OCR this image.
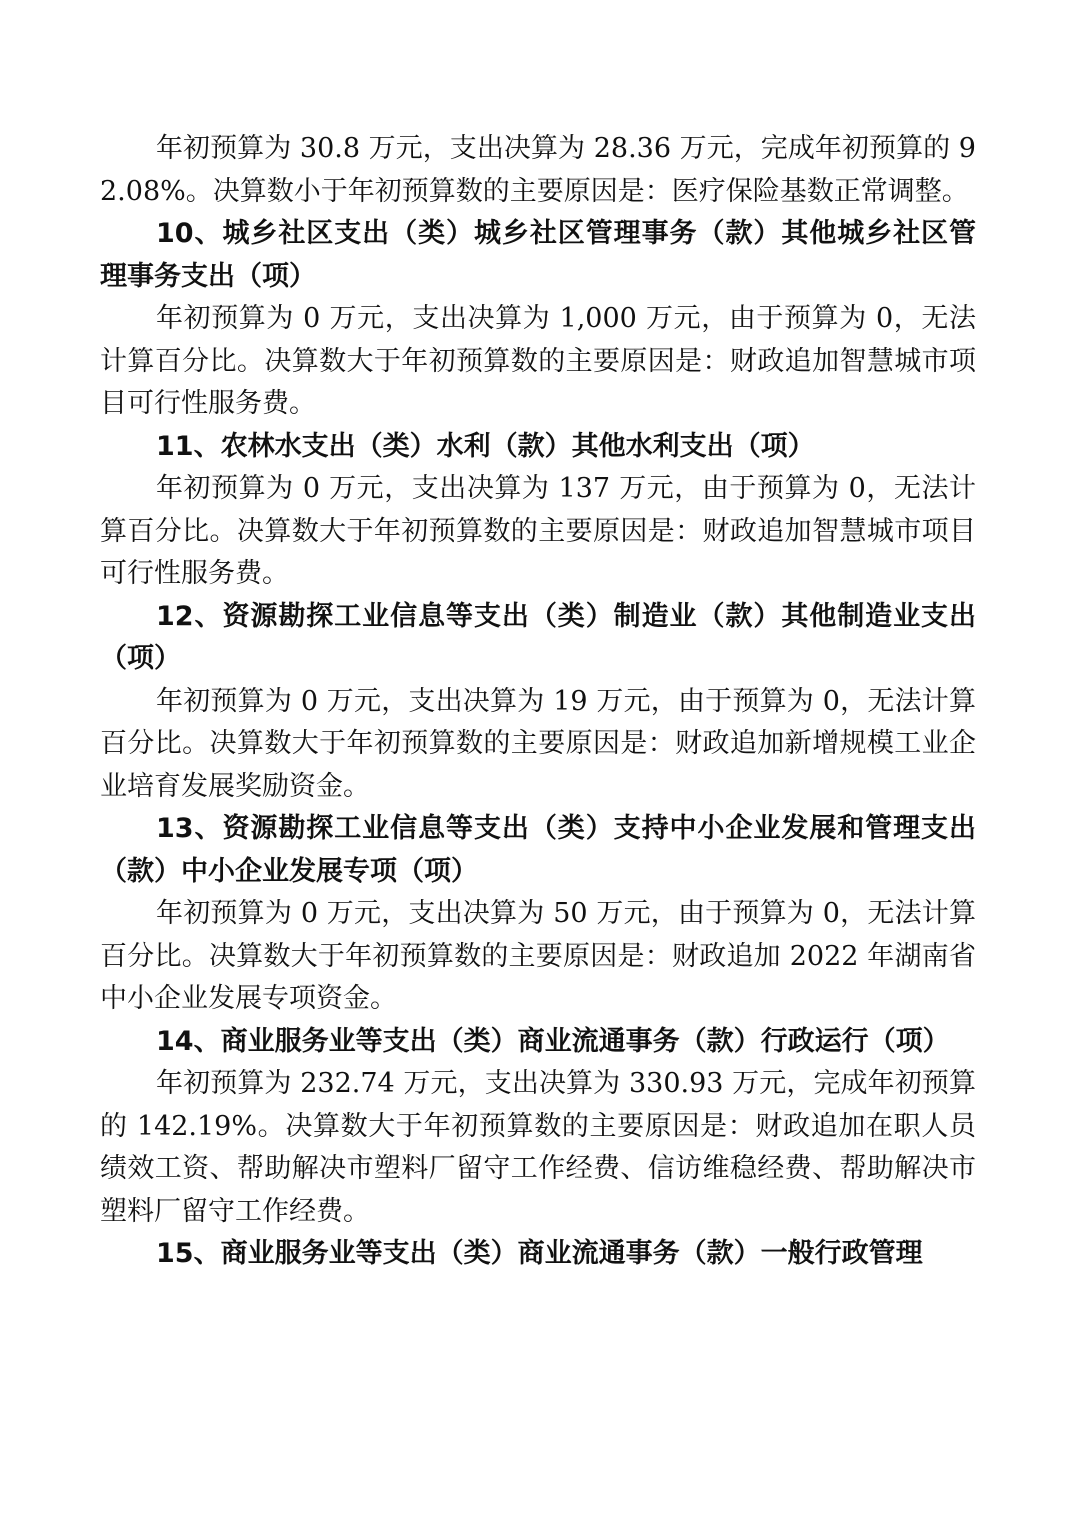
年初预算为 30.8 万元，支出决算为 28.36 万元，完成年初预算的 92.08%。决算数小于年初预算数的主要原因是：医疗保险基数正常调整。

10、城乡社区支出（类）城乡社区管理事务（款）其他城乡社区管理事务支出（项）

年初预算为 0 万元，支出决算为 1,000 万元，由于预算为 0，无法计算百分比。决算数大于年初预算数的主要原因是：财政追加智慧城市项目可行性服务费。

11、农林水支出（类）水利（款）其他水利支出（项）

年初预算为 0 万元，支出决算为 137 万元，由于预算为 0，无法计算百分比。决算数大于年初预算数的主要原因是：财政追加智慧城市项目可行性服务费。

12、资源勘探工业信息等支出（类）制造业（款）其他制造业支出（项）

年初预算为 0 万元，支出决算为 19 万元，由于预算为 0，无法计算百分比。决算数大于年初预算数的主要原因是：财政追加新增规模工业企业培育发展奖励资金。

13、资源勘探工业信息等支出（类）支持中小企业发展和管理支出（款）中小企业发展专项（项）

年初预算为 0 万元，支出决算为 50 万元，由于预算为 0，无法计算百分比。决算数大于年初预算数的主要原因是：财政追加 2022 年湖南省中小企业发展专项资金。

14、商业服务业等支出（类）商业流通事务（款）行政运行（项）

年初预算为 232.74 万元，支出决算为 330.93 万元，完成年初预算的 142.19%。决算数大于年初预算数的主要原因是：财政追加在职人员绩效工资、帮助解决市塑料厂留守工作经费、信访维稳经费、帮助解决市塑料厂留守工作经费。

15、商业服务业等支出（类）商业流通事务（款）一般行政管理
